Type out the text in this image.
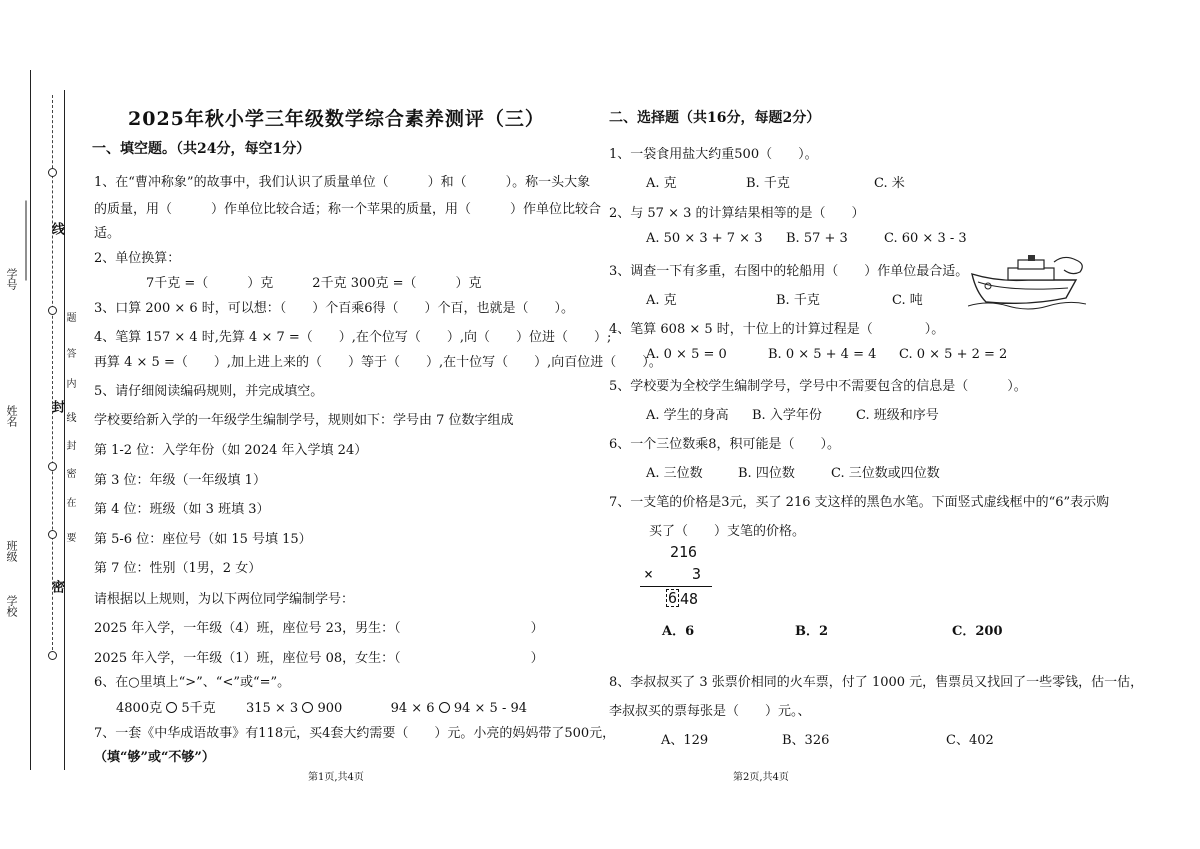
学号
姓名
班级
学校
线
封
密
题
答
内
线
封
密
在
要
2025年秋小学三年级数学综合素养测评（三）
一、填空题。（共24分，每空1分）
1、在“曹冲称象”的故事中，我们认识了质量单位（　　　）和（　　　）。称一头大象
的质量，用（　　　）作单位比较合适；称一个苹果的质量，用（　　　）作单位比较合
适。
2、单位换算：
7千克 =（　　　）克　　　2千克 300克 =（　　　）克
3、口算 200 × 6 时，可以想：（　　）个百乘6得（　　）个百，也就是（　　）。
4、笔算 157 × 4 时,先算 4 × 7 =（　　）,在个位写（　　）,向（　　）位进（　　）;
再算 4 × 5 =（　　）,加上进上来的（　　）等于（　　）,在十位写（　　）,向百位进（　　）。
5、请仔细阅读编码规则，并完成填空。
学校要给新入学的一年级学生编制学号，规则如下：学号由 7 位数字组成
第 1-2 位：入学年份（如 2024 年入学填 24）
第 3 位：年级（一年级填 1）
第 4 位：班级（如 3 班填 3）
第 5-6 位：座位号（如 15 号填 15）
第 7 位：性别（1男，2 女）
请根据以上规则，为以下两位同学编制学号：
2025 年入学，一年级（4）班，座位号 23，男生：（　　　　　　　　　　）
2025 年入学，一年级（1）班，座位号 08，女生：（　　　　　　　　　　）
6、在○里填上“>”、“<”或“=”。
4800克 5千克 315 × 3 900	94 × 6 94 × 5 - 94
7、一套《中华成语故事》有118元，买4套大约需要（　　）元。小亮的妈妈带了500元，
（填“够”或“不够”）
第1页,共4页
二、选择题（共16分，每题2分）
1、一袋食用盐大约重500（　　）。
A. 克	B. 千克	C. 米
2、与 57 × 3 的计算结果相等的是（　　）
A. 50 × 3 + 7 × 3 B. 57 + 3	C. 60 × 3 - 3
3、调查一下有多重，右图中的轮船用（　　）作单位最合适。
A. 克	B. 千克	C. 吨
4、笔算 608 × 5 时，十位上的计算过程是（　　　　）。
A. 0 × 5 = 0	B. 0 × 5 + 4 = 4 C. 0 × 5 + 2 = 2
5、学校要为全校学生编制学号，学号中不需要包含的信息是（　　　）。
A. 学生的身高 B. 入学年份	C. 班级和序号
6、一个三位数乘8，积可能是（　　）。
A. 三位数	B. 四位数	C. 三位数或四位数
7、一支笔的价格是3元，买了 216 支这样的黑色水笔。下面竖式虚线框中的“6”表示购
买了（　　）支笔的价格。
216
×	3
6 48
A．6	B．2	C．200
8、李叔叔买了 3 张票价相同的火车票，付了 1000 元，售票员又找回了一些零钱，估一估，
李叔叔买的票每张是（　　）元。、
A、129	B、326	C、402
第2页,共4页
